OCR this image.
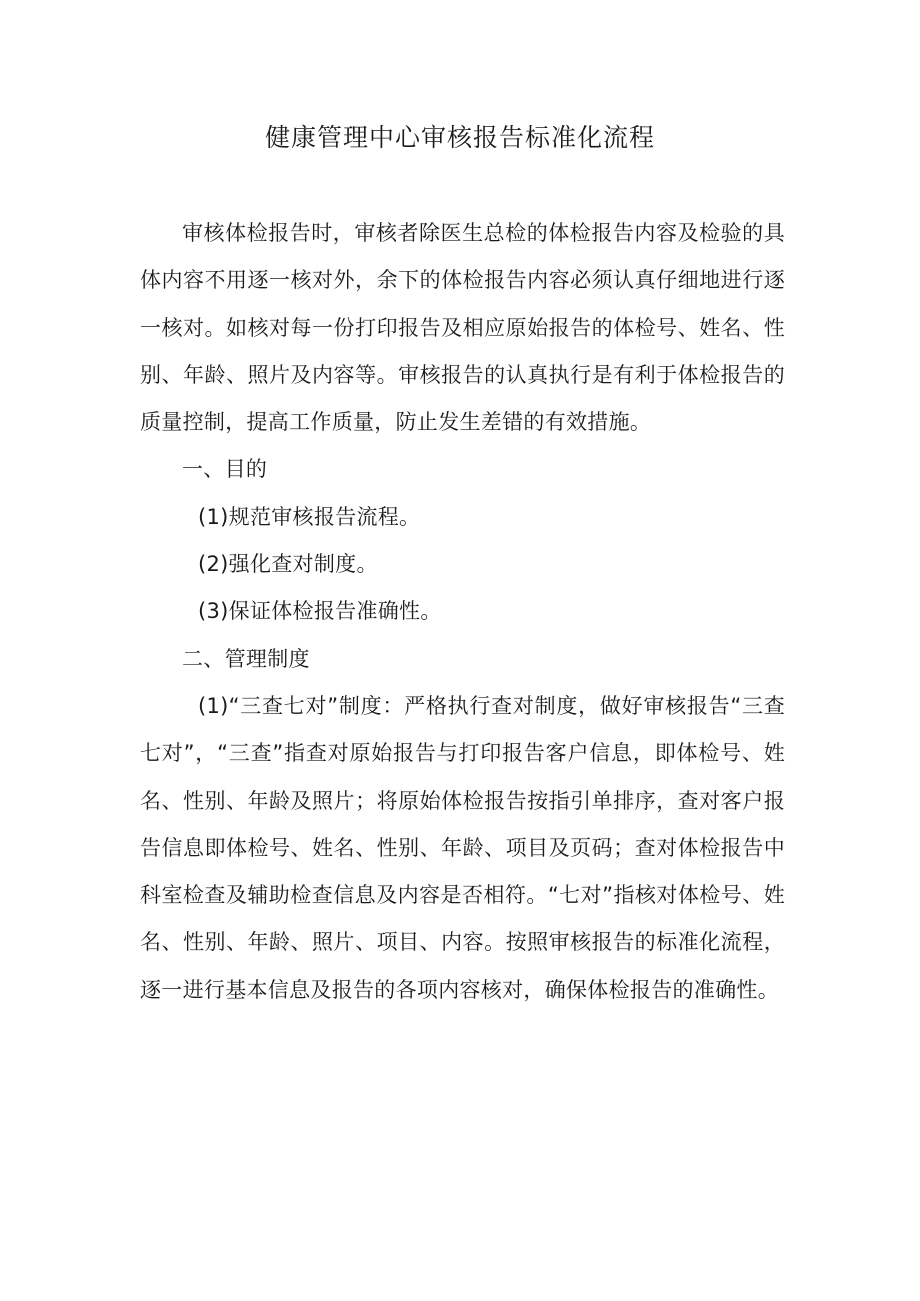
健康管理中心审核报告标准化流程

审核体检报告时，审核者除医生总检的体检报告内容及检验的具体内容不用逐一核对外，余下的体检报告内容必须认真仔细地进行逐一核对。如核对每一份打印报告及相应原始报告的体检号、姓名、性别、年龄、照片及内容等。审核报告的认真执行是有利于体检报告的质量控制，提高工作质量，防止发生差错的有效措施。

一、目的

(1)规范审核报告流程。

(2)强化查对制度。

(3)保证体检报告准确性。

二、管理制度

(1)“三查七对”制度：严格执行查对制度，做好审核报告“三查七对”，“三查”指查对原始报告与打印报告客户信息，即体检号、姓名、性别、年龄及照片；将原始体检报告按指引单排序，查对客户报告信息即体检号、姓名、性别、年龄、项目及页码；查对体检报告中科室检查及辅助检查信息及内容是否相符。“七对”指核对体检号、姓名、性别、年龄、照片、项目、内容。按照审核报告的标准化流程，逐一进行基本信息及报告的各项内容核对，确保体检报告的准确性。
